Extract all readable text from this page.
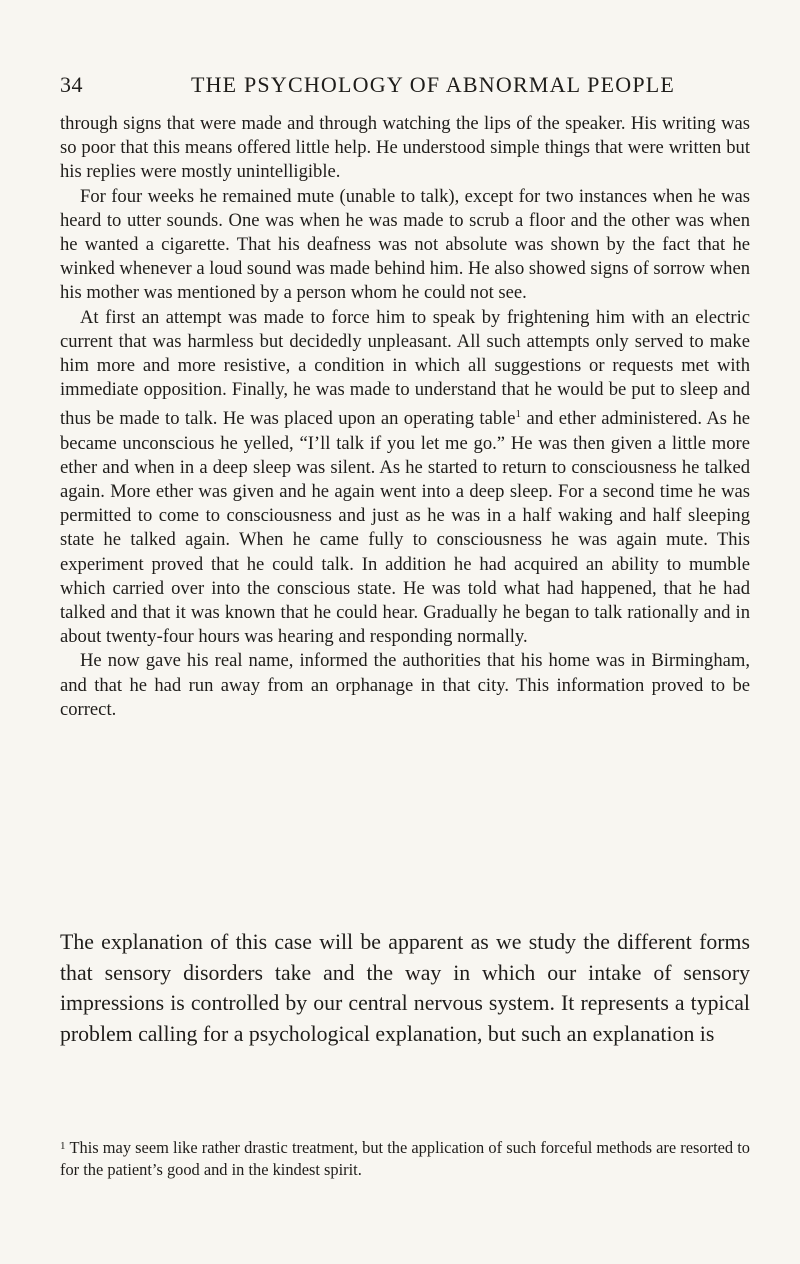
34	THE PSYCHOLOGY OF ABNORMAL PEOPLE

through signs that were made and through watching the lips of the speaker. His writing was so poor that this means offered little help. He understood simple things that were written but his replies were mostly unintelligible.

For four weeks he remained mute (unable to talk), except for two instances when he was heard to utter sounds. One was when he was made to scrub a floor and the other was when he wanted a cigarette. That his deafness was not absolute was shown by the fact that he winked whenever a loud sound was made behind him. He also showed signs of sorrow when his mother was mentioned by a person whom he could not see.

At first an attempt was made to force him to speak by frightening him with an electric current that was harmless but decidedly unpleasant. All such attempts only served to make him more and more resistive, a condition in which all suggestions or requests met with immediate opposition. Finally, he was made to understand that he would be put to sleep and thus be made to talk. He was placed upon an operating table$^1$ and ether administered. As he became unconscious he yelled, “I’ll talk if you let me go.” He was then given a little more ether and when in a deep sleep was silent. As he started to return to consciousness he talked again. More ether was given and he again went into a deep sleep. For a second time he was permitted to come to consciousness and just as he was in a half waking and half sleeping state he talked again. When he came fully to consciousness he was again mute. This experiment proved that he could talk. In addition he had acquired an ability to mumble which carried over into the conscious state. He was told what had happened, that he had talked and that it was known that he could hear. Gradually he began to talk rationally and in about twenty-four hours was hearing and responding normally.

He now gave his real name, informed the authorities that his home was in Birmingham, and that he had run away from an orphanage in that city. This information proved to be correct.

The explanation of this case will be apparent as we study the different forms that sensory disorders take and the way in which our intake of sensory impressions is controlled by our central nervous system. It represents a typical problem calling for a psychological explanation, but such an explanation is

$^1$ This may seem like rather drastic treatment, but the application of such forceful methods are resorted to for the patient’s good and in the kindest spirit.
